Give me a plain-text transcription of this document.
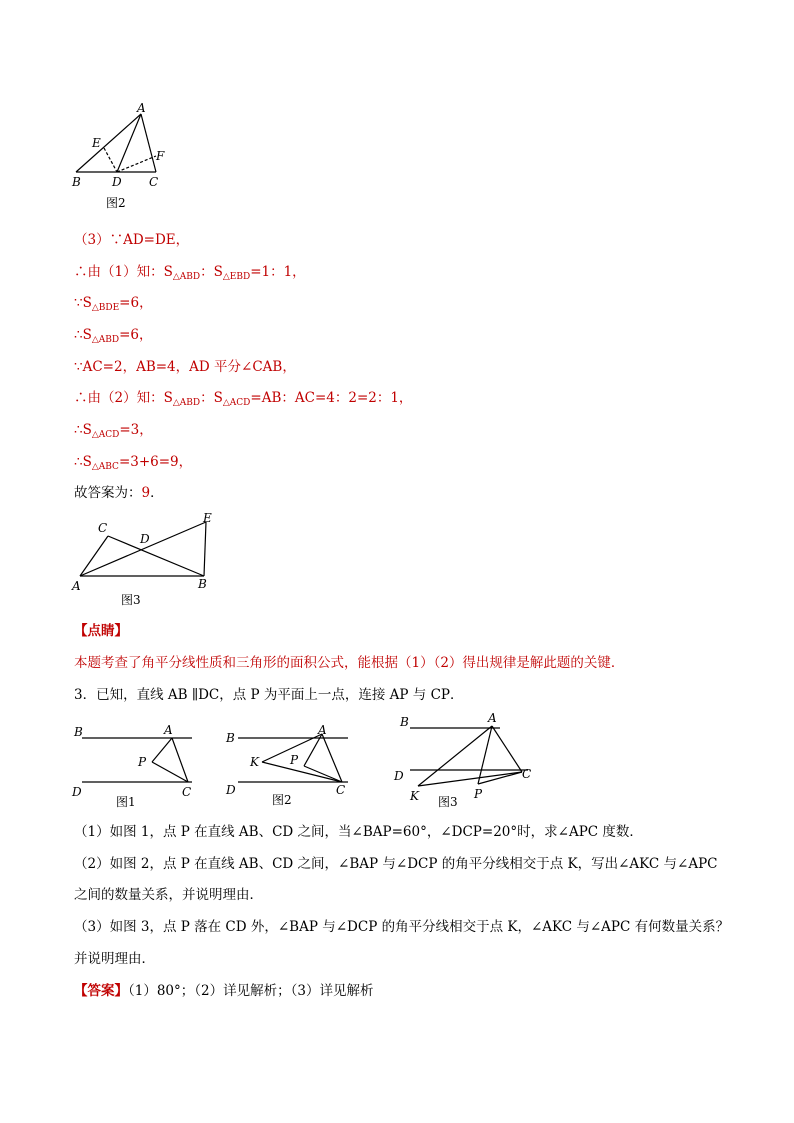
A
E
F
B	D C
图2
（3）∵AD=DE，
∴由（1）知：$S_{\triangle ABD}$：$S_{\triangle EBD}=1$：1，
$\because S_{\triangle BDE}=6$，
$\therefore S_{\triangle ABD}=6$，
∵AC=2，AB=4，AD 平分∠CAB，
∴由（2）知：$S_{\triangle ABD}$：$S_{\triangle ACD}=AB$：AC=4：2=2：1，
$\therefore S_{\triangle ACD}=3$，
$\therefore S_{\triangle ABC}=3+6=9$，
故答案为：9．
C
D
E
A	B
图3
【点睛】
本题考查了角平分线性质和三角形的面积公式，能根据（1）（2）得出规律是解此题的关键．
3．已知，直线 AB ∥DC，点 P 为平面上一点，连接 AP 与 CP．
B	A
P
D	C
图1
B
A
K	P
D	C
图2
B	A
D	C
K	P
图3
（1）如图 1，点 P 在直线 AB、CD 之间，当∠BAP=60°，∠DCP=20°时，求∠APC 度数．
（2）如图 2，点 P 在直线 AB、CD 之间，∠BAP 与∠DCP 的角平分线相交于点 K，写出∠AKC 与∠APC
之间的数量关系，并说明理由．
（3）如图 3，点 P 落在 CD 外，∠BAP 与∠DCP 的角平分线相交于点 K，∠AKC 与∠APC 有何数量关系？
并说明理由．
【答案】（1）80°；（2）详见解析；（3）详见解析
